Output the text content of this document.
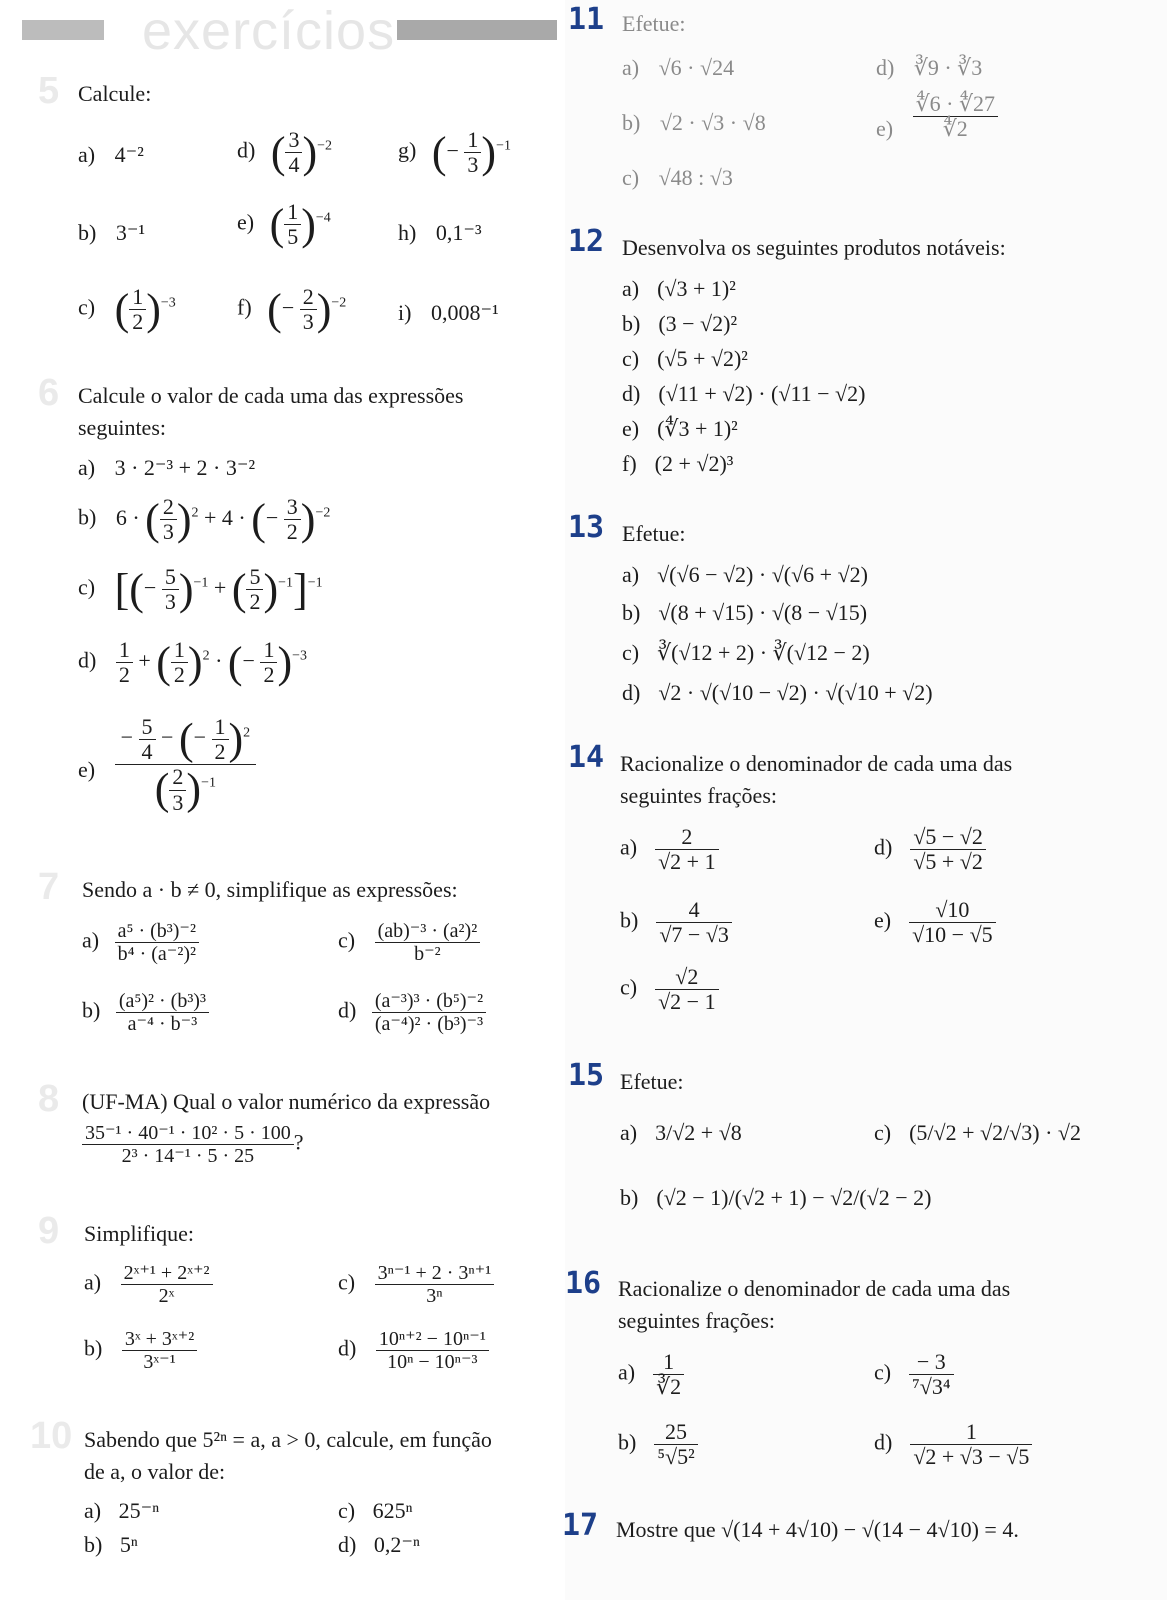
exercícios
5 Calcule:
a) 4⁻²
b) 3⁻¹
c) ( $\frac{1}{2} )^{-3}$
d) ( $\frac{3}{4} )^{-2}$
e) ( $\frac{1}{5} )^{-4}$
f) (− $\frac{2}{3} )^{-2}$
g) (− $\frac{1}{3} )^{-1}$
h) 0,1⁻³
i) 0,008⁻¹
6 Calcule o valor de cada uma das expressões
seguintes:
a) 3 · 2⁻³ + 2 · 3⁻²
b) 6 · ( $\frac{2}{3} )^2 + 4$ · (− $\frac{3}{2} )^{-2}$
c) [(− $\frac{5}{3} )^{-1}$ + ( $\frac{5}{2} )^{-1}]^{-1}$
$d) \frac{1}{2}$ + ( $\frac{1}{2} )^2$ · (− $\frac{1}{2} )^{-3}$
$e) \frac{- \frac{5}{4} - (- \frac{1}{2} )^2}{( \frac{2}{3} )^{-1}}$
7 Sendo a · b ≠ 0, simplifique as expressões:
$a) \frac{\text{a⁵ · (b³)⁻²}}{\text{b⁴ · (a⁻²)²}}$
$b) \frac{\text{(a⁵)² · (b³)³}}{\text{a⁻⁴ · b⁻³}}$
$c) \frac{\text{(ab)⁻³ · (a²)²}}{\text{b⁻²}}$
$d) \frac{\text{(a⁻³)³ · (b⁵)⁻²}}{\text{(a⁻⁴)² · (b³)⁻³}}$
8 (UF-MA) Qual o valor numérico da expressão
$\frac{\text{35⁻¹ · 40⁻¹ · 10² · 5 · 100}}{\text{2³ · 14⁻¹ · 5 · 25}}$ ?
9 Simplifique:
$a) \frac{\text{2ˣ⁺¹ + 2ˣ⁺²}}{\text{2ˣ}}$
$b) \frac{\text{3ˣ + 3ˣ⁺²}}{\text{3ˣ⁻¹}}$
$c) \frac{\text{3ⁿ⁻¹ + 2 · 3ⁿ⁺¹}}{\text{3ⁿ}}$
$d) \frac{\text{10ⁿ⁺² − 10ⁿ⁻¹}}{\text{10ⁿ − 10ⁿ⁻³}}$
10 Sabendo que 5²ⁿ = a, a > 0, calcule, em função
de a, o valor de:
a) 25⁻ⁿ
b) 5ⁿ
c) 625ⁿ
d) 0,2⁻ⁿ
11 Efetue:
a) √6 · √24
b) √2 · √3 · √8
c) √48 : √3
d) ∛9 · ∛3
$e) \frac{∜6 \cdot ∜27}{∜2}$
12 Desenvolva os seguintes produtos notáveis:
a) (√3 + 1)²
b) (3 − √2)²
c) (√5 + √2)²
d) (√11 + √2) · (√11 − √2)
e) (∜3 + 1)²
f) (2 + √2)³
13 Efetue:
a) √(√6 − √2) · √(√6 + √2)
b) √(8 + √15) · √(8 − √15)
c) ∛(√12 + 2) · ∛(√12 − 2)
d) √2 · √(√10 − √2) · √(√10 + √2)
14 Racionalize o denominador de cada uma das
seguintes frações:
$a) \frac{2}{√2 + 1}$
$b) \frac{4}{√7 - √3}$
$c) \frac{√2}{√2 - 1}$
$d) \frac{√5 - √2}{√5 + √2}$
$e) \frac{√10}{√10 - √5}$
15 Efetue:
a) 3/√2 + √8
b) (√2 − 1)/(√2 + 1) − √2/(√2 − 2)
c) (5/√2 + √2/√3) · √2
16 Racionalize o denominador de cada uma das
seguintes frações:
$a) \frac{1}{∛2}$
$b) \frac{25}{\text{⁵√5²}}$
$c) \frac{- 3}{\text{⁷√3⁴}}$
$d) \frac{1}{√2 + √3 - √5}$
17 Mostre que √(14 + 4√10) − √(14 − 4√10) = 4.
